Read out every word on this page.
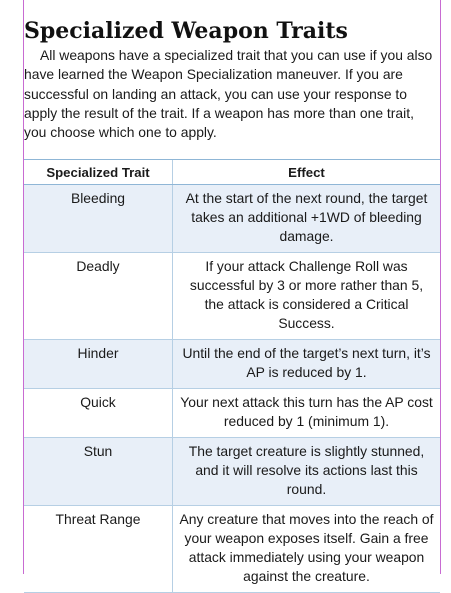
Specialized Weapon Traits

All weapons have a specialized trait that you can use if you also have learned the Weapon Specialization maneuver. If you are successful on landing an attack, you can use your response to apply the result of the trait. If a weapon has more than one trait, you choose which one to apply.

Specialized Trait	Effect
Bleeding	At the start of the next round, the target takes an additional +1WD of bleeding damage.
Deadly	If your attack Challenge Roll was successful by 3 or more rather than 5, the attack is considered a Critical Success.
Hinder	Until the end of the target’s next turn, it’s AP is reduced by 1.
Quick	Your next attack this turn has the AP cost reduced by 1 (minimum 1).
Stun	The target creature is slightly stunned, and it will resolve its actions last this round.
Threat Range	Any creature that moves into the reach of your weapon exposes itself. Gain a free attack immediately using your weapon against the creature.
